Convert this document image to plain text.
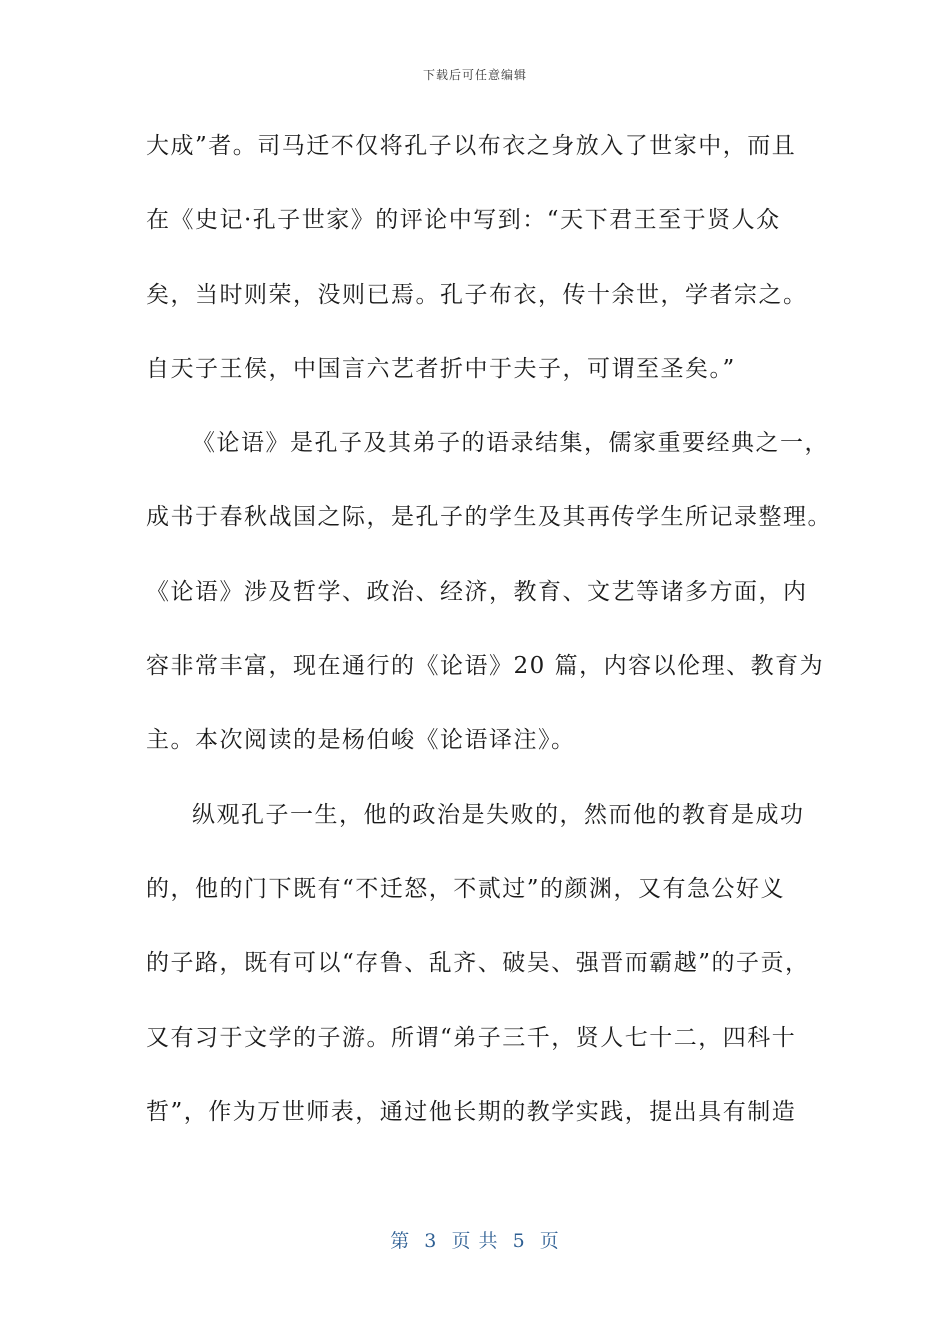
下载后可任意编辑
大成”者。司马迁不仅将孔子以布衣之身放入了世家中，而且
在《史记·孔子世家》的评论中写到：“天下君王至于贤人众
矣，当时则荣，没则已焉。孔子布衣，传十余世，学者宗之。
自天子王侯，中国言六艺者折中于夫子，可谓至圣矣。”
《论语》是孔子及其弟子的语录结集，儒家重要经典之一，
成书于春秋战国之际，是孔子的学生及其再传学生所记录整理。
《论语》涉及哲学、政治、经济，教育、文艺等诸多方面，内
容非常丰富，现在通行的《论语》20 篇，内容以伦理、教育为
主。本次阅读的是杨伯峻《论语译注》。
纵观孔子一生，他的政治是失败的，然而他的教育是成功
的，他的门下既有“不迁怒，不贰过”的颜渊，又有急公好义
的子路，既有可以“存鲁、乱齐、破吴、强晋而霸越”的子贡，
又有习于文学的子游。所谓“弟子三千，贤人七十二，四科十
哲”，作为万世师表，通过他长期的教学实践，提出具有制造
第  3  页 共  5  页
